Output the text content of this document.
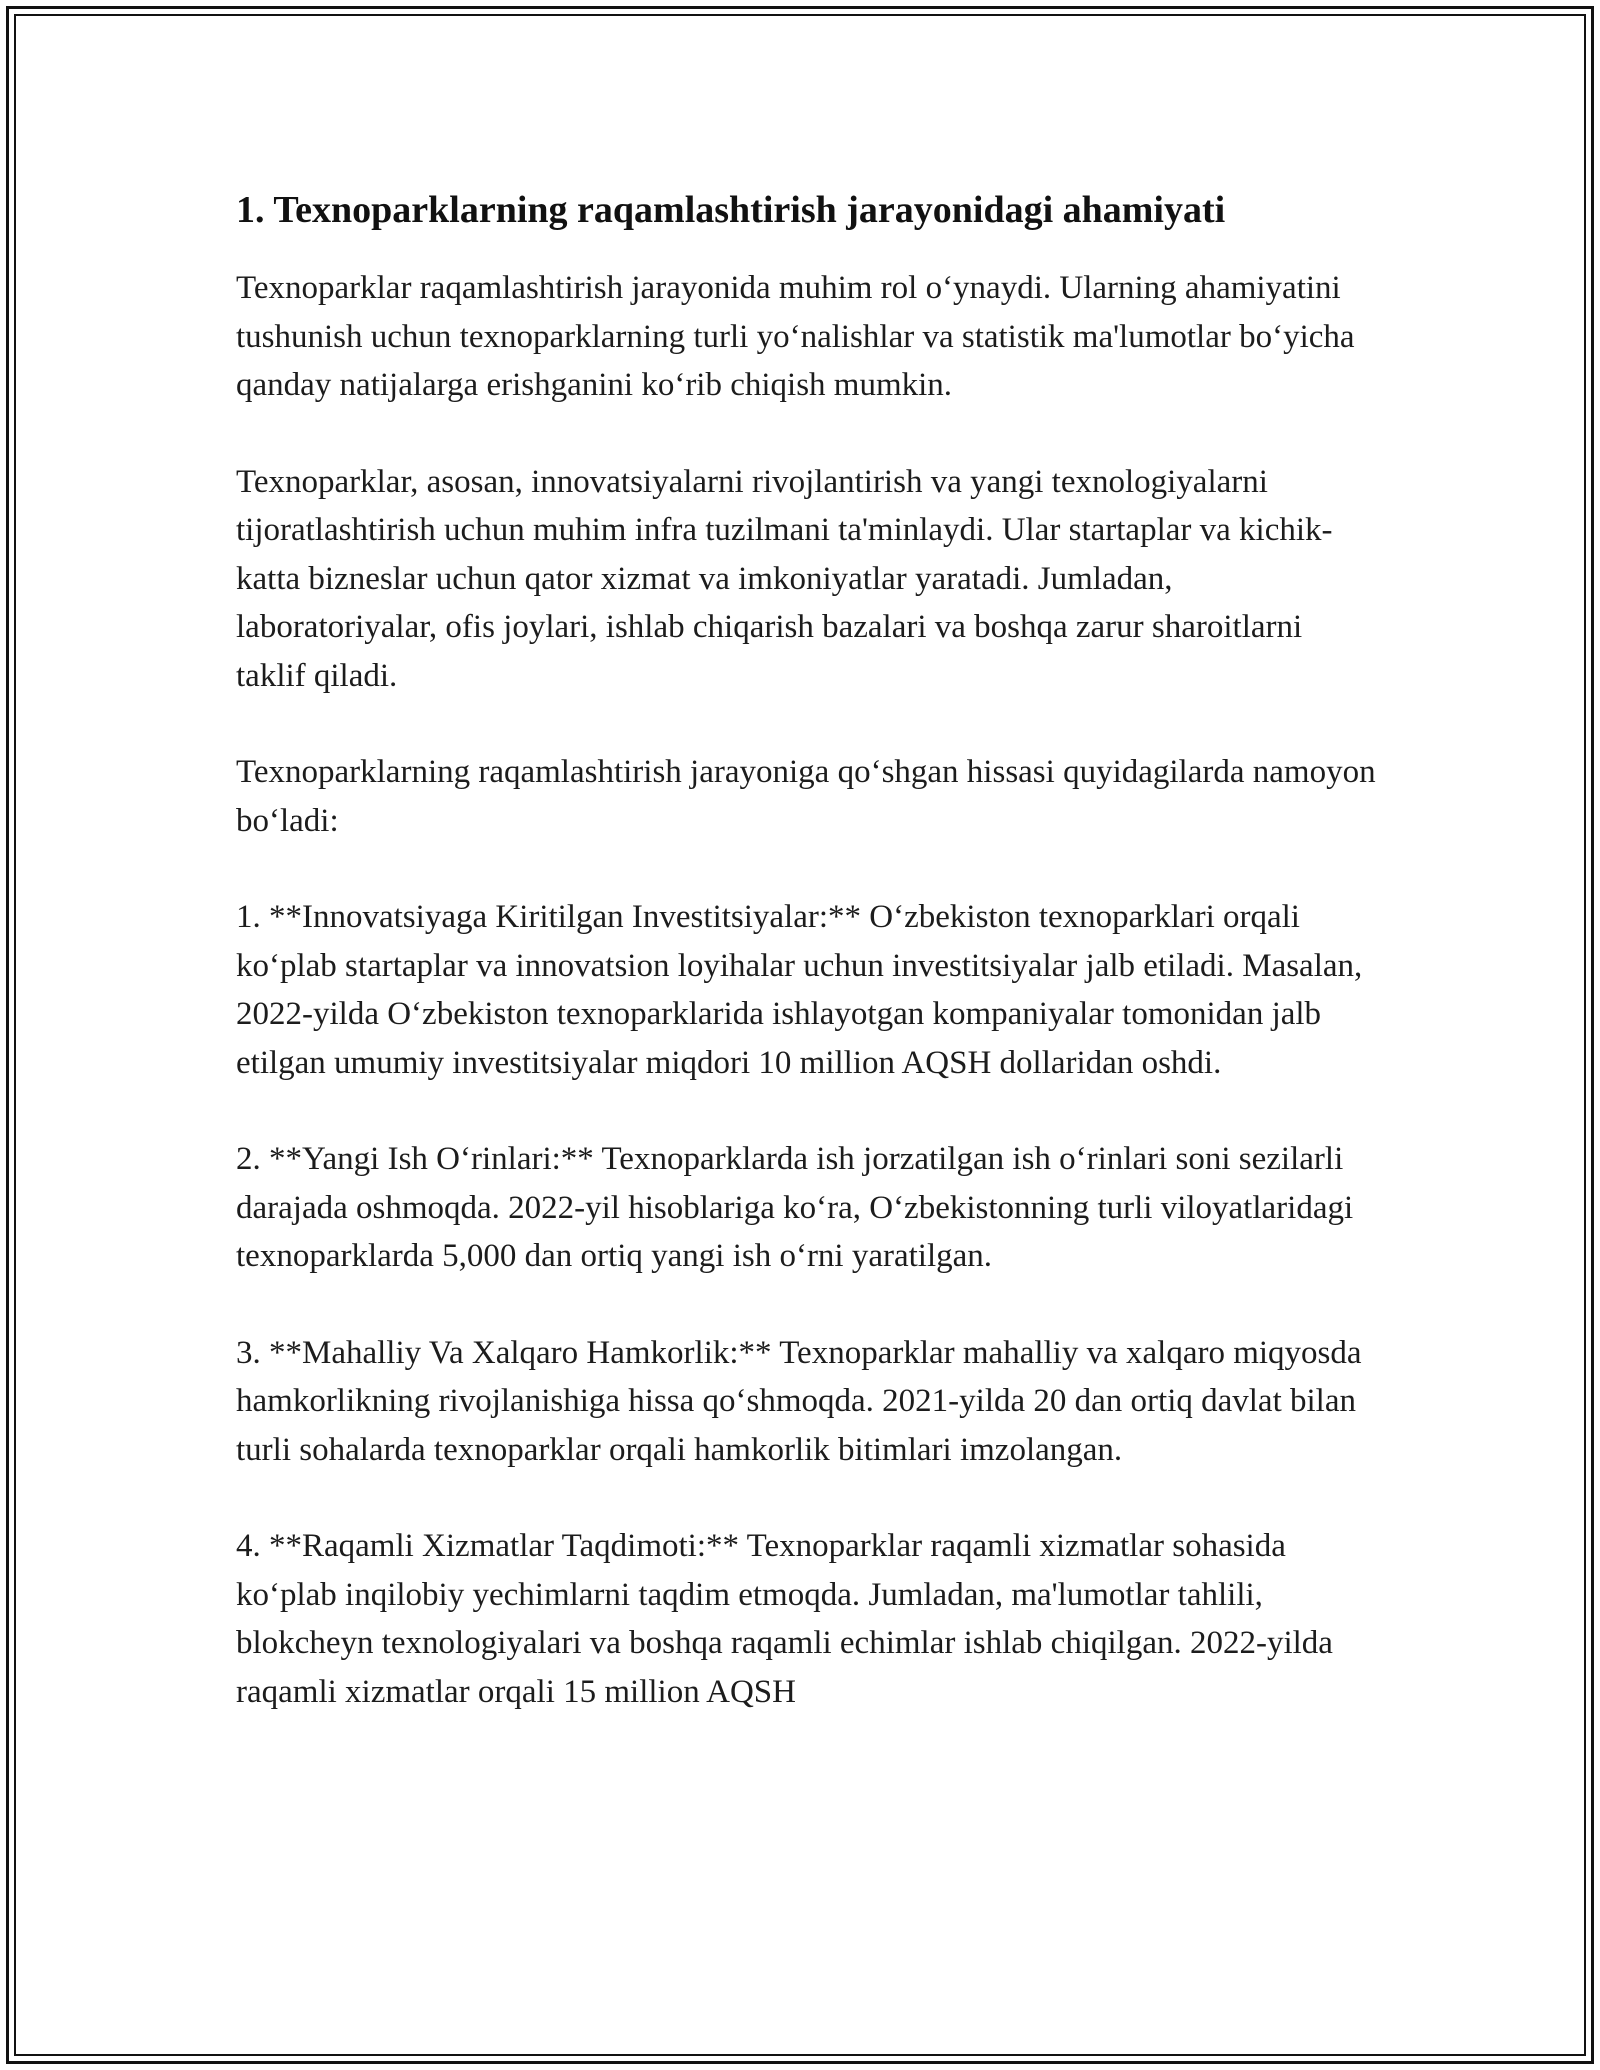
1. Texnoparklarning raqamlashtirish jarayonidagi ahamiyati

Texnoparklar raqamlashtirish jarayonida muhim rol o‘ynaydi. Ularning ahamiyatini tushunish uchun texnoparklarning turli yo‘nalishlar va statistik ma'lumotlar bo‘yicha qanday natijalarga erishganini ko‘rib chiqish mumkin.

Texnoparklar, asosan, innovatsiyalarni rivojlantirish va yangi texnologiyalarni tijoratlashtirish uchun muhim infra tuzilmani ta'minlaydi. Ular startaplar va kichik-katta bizneslar uchun qator xizmat va imkoniyatlar yaratadi. Jumladan, laboratoriyalar, ofis joylari, ishlab chiqarish bazalari va boshqa zarur sharoitlarni taklif qiladi.

Texnoparklarning raqamlashtirish jarayoniga qo‘shgan hissasi quyidagilarda namoyon bo‘ladi:

1. **Innovatsiyaga Kiritilgan Investitsiyalar:** O‘zbekiston texnoparklari orqali ko‘plab startaplar va innovatsion loyihalar uchun investitsiyalar jalb etiladi. Masalan, 2022-yilda O‘zbekiston texnoparklarida ishlayotgan kompaniyalar tomonidan jalb etilgan umumiy investitsiyalar miqdori 10 million AQSH dollaridan oshdi.

2. **Yangi Ish O‘rinlari:** Texnoparklarda ish jorzatilgan ish o‘rinlari soni sezilarli darajada oshmoqda. 2022-yil hisoblariga ko‘ra, O‘zbekistonning turli viloyatlaridagi texnoparklarda 5,000 dan ortiq yangi ish o‘rni yaratilgan.

3. **Mahalliy Va Xalqaro Hamkorlik:** Texnoparklar mahalliy va xalqaro miqyosda hamkorlikning rivojlanishiga hissa qo‘shmoqda. 2021-yilda 20 dan ortiq davlat bilan turli sohalarda texnoparklar orqali hamkorlik bitimlari imzolangan.

4. **Raqamli Xizmatlar Taqdimoti:** Texnoparklar raqamli xizmatlar sohasida ko‘plab inqilobiy yechimlarni taqdim etmoqda. Jumladan, ma'lumotlar tahlili, blokcheyn texnologiyalari va boshqa raqamli echimlar ishlab chiqilgan. 2022-yilda raqamli xizmatlar orqali 15 million AQSH
